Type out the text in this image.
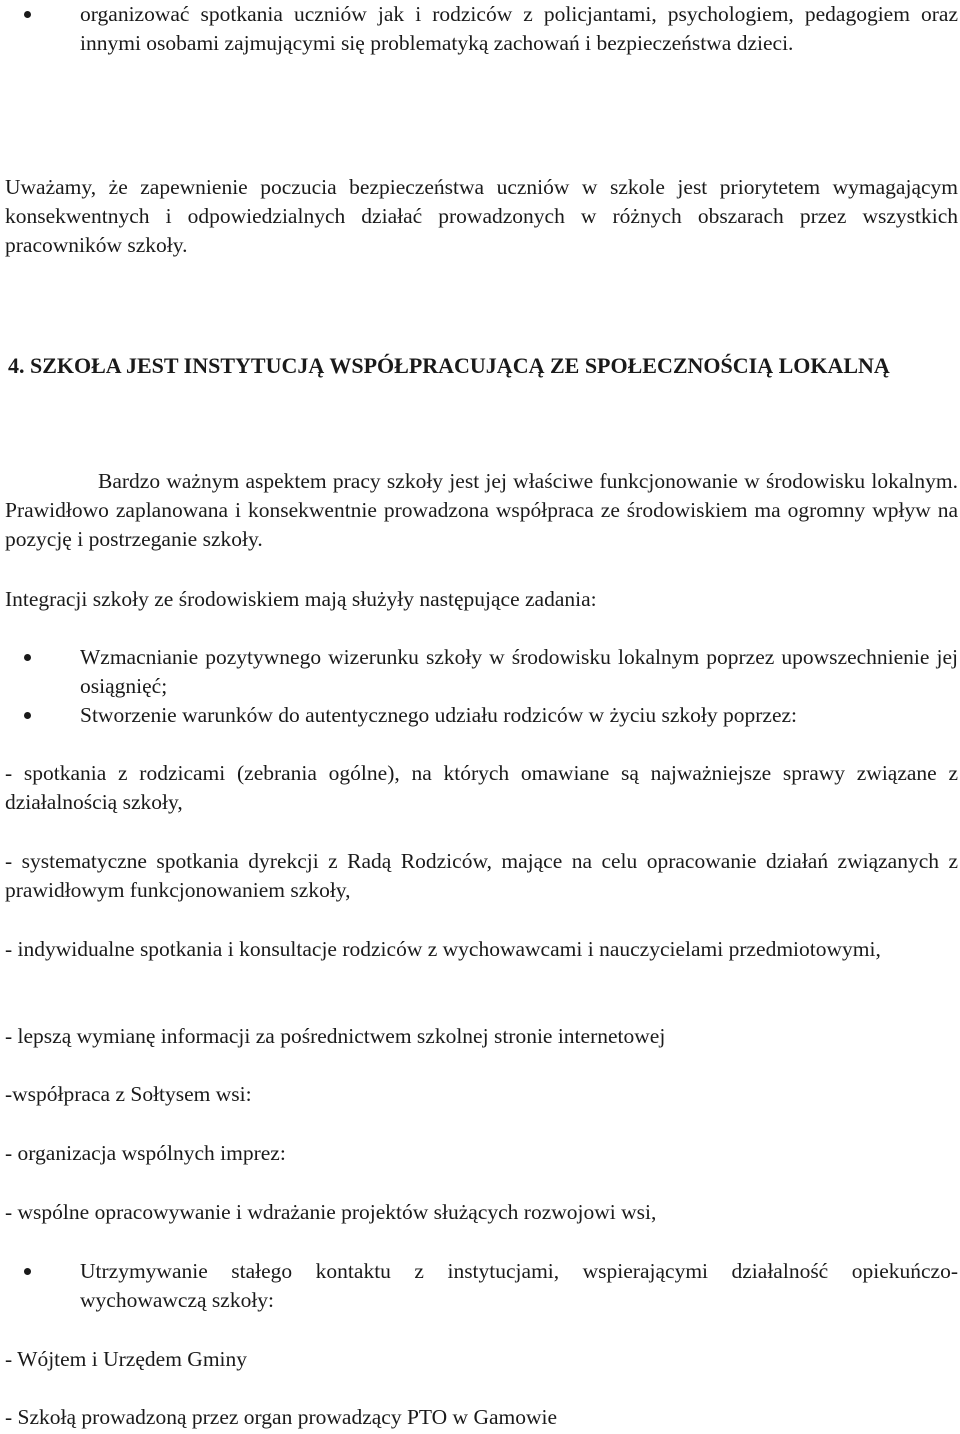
organizować spotkania uczniów jak i rodziców z policjantami, psychologiem, pedagogiem oraz innymi osobami zajmującymi się problematyką zachowań i bezpieczeństwa dzieci.

Uważamy, że zapewnienie poczucia bezpieczeństwa uczniów w szkole jest priorytetem wymagającym konsekwentnych i odpowiedzialnych działać prowadzonych w różnych obszarach przez wszystkich pracowników szkoły.

4. SZKOŁA JEST INSTYTUCJĄ WSPÓŁPRACUJĄCĄ ZE SPOŁECZNOŚCIĄ LOKALNĄ

Bardzo ważnym aspektem pracy szkoły jest jej właściwe funkcjonowanie w środowisku lokalnym. Prawidłowo zaplanowana i konsekwentnie prowadzona współpraca ze środowiskiem ma ogromny wpływ na pozycję i postrzeganie szkoły.

Integracji szkoły ze środowiskiem mają służyły następujące zadania:

Wzmacnianie pozytywnego wizerunku szkoły w środowisku lokalnym poprzez upowszechnienie jej osiągnięć;

Stworzenie warunków do autentycznego udziału rodziców w życiu szkoły poprzez:

- spotkania z rodzicami (zebrania ogólne), na których omawiane są najważniejsze sprawy związane z działalnością szkoły,

- systematyczne spotkania dyrekcji z Radą Rodziców, mające na celu opracowanie działań związanych z prawidłowym funkcjonowaniem szkoły,

- indywidualne spotkania i konsultacje rodziców z wychowawcami i nauczycielami przedmiotowymi,

- lepszą wymianę informacji za pośrednictwem szkolnej stronie internetowej

-współpraca z Sołtysem wsi:

- organizacja wspólnych imprez:

- wspólne opracowywanie i wdrażanie projektów służących rozwojowi wsi,

Utrzymywanie stałego kontaktu z instytucjami, wspierającymi działalność opiekuńczo- wychowawczą szkoły:

- Wójtem i Urzędem Gminy

- Szkołą prowadzoną przez organ prowadzący PTO w Gamowie
